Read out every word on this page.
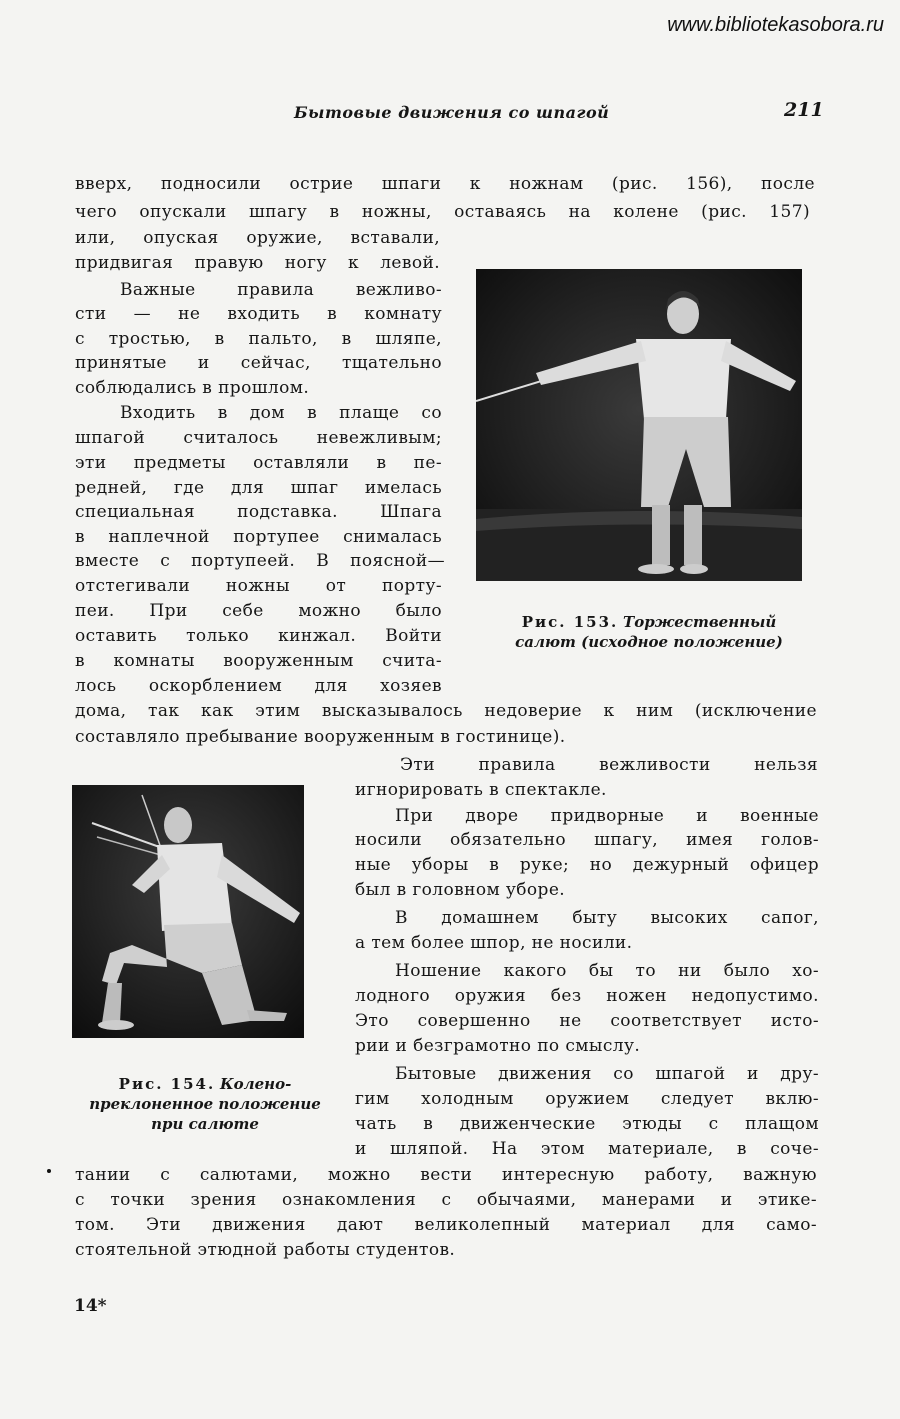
www.bibliotekasobora.ru
Бытовые движения со шпагой	211
вверх, подносили острие шпаги к ножнам (рис. 156), после
чего опускали шпагу в ножны, оставаясь на колене (рис. 157)
или, опуская оружие, вставали,
придвигая правую ногу к левой.
Важные правила вежливо-
сти — не входить в комнату
с тростью, в пальто, в шляпе,
принятые и сейчас, тщательно
соблюдались в прошлом.
Входить в дом в плаще со
шпагой считалось невежливым;
эти предметы оставляли в пе-
редней, где для шпаг имелась
специальная подставка. Шпага
в наплечной портупее снималась
вместе с портупеей. В поясной—
отстегивали ножны от порту-
пеи. При себе можно было
оставить только кинжал. Войти
в комнаты вооруженным счита-
лось оскорблением для хозяев
дома, так как этим высказывалось недоверие к ним (исключение
составляло пребывание вооруженным в гостинице).
Эти правила вежливости нельзя
игнорировать в спектакле.
При дворе придворные и военные
носили обязательно шпагу, имея голов-
ные уборы в руке; но дежурный офицер
был в головном уборе.
В домашнем быту высоких сапог,
а тем более шпор, не носили.
Ношение какого бы то ни было хо-
лодного оружия без ножен недопустимо.
Это совершенно не соответствует исто-
рии и безграмотно по смыслу.
Бытовые движения со шпагой и дру-
гим холодным оружием следует вклю-
чать в движенческие этюды с плащом
и шляпой. На этом материале, в соче-
тании с салютами, можно вести интересную работу, важную
с точки зрения ознакомления с обычаями, манерами и этике-
том. Эти движения дают великолепный материал для само-
стоятельной этюдной работы студентов.
Рис. 153. Торжественный
салют (исходное положение)
Рис. 154. Колено-
преклоненное положение
при салюте
14*
